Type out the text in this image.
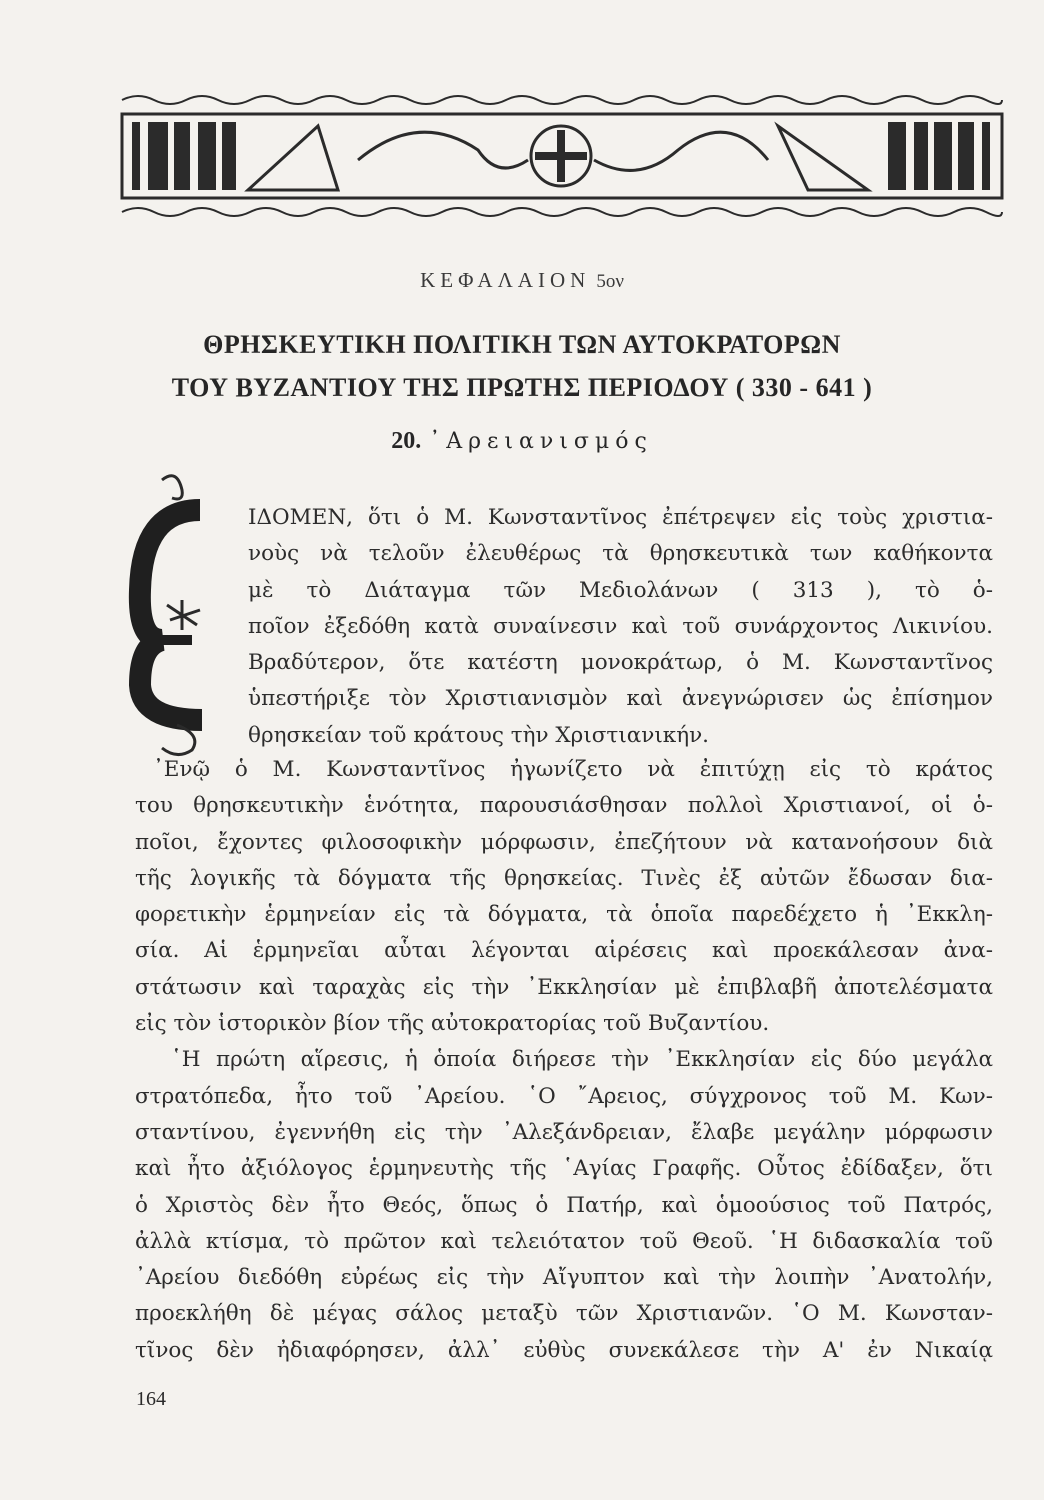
ΚΕΦΑΛΑΙΟΝ 5ον
ΘΡΗΣΚΕΥΤΙΚΗ ΠΟΛΙΤΙΚΗ ΤΩΝ ΑΥΤΟΚΡΑΤΟΡΩΝ
ΤΟΥ ΒΥΖΑΝΤΙΟΥ ΤΗΣ ΠΡΩΤΗΣ ΠΕΡΙΟΔΟΥ ( 330 - 641 )
20. ᾿Αρειανισμός
ΙΔΟΜΕΝ, ὅτι ὁ Μ. Κωνσταντῖνος ἐπέτρεψεν εἰς τοὺς χριστια-
νοὺς νὰ τελοῦν ἐλευθέρως τὰ θρησκευτικὰ των καθήκοντα
μὲ τὸ Διάταγμα τῶν Μεδιολάνων ( 313 ), τὸ ὁ-
ποῖον ἐξεδόθη κατὰ συναίνεσιν καὶ τοῦ συνάρχοντος Λικινίου.
Βραδύτερον, ὅτε κατέστη μονοκράτωρ, ὁ Μ. Κωνσταντῖνος
ὑπεστήριξε τὸν Χριστιανισμὸν καὶ ἀνεγνώρισεν ὡς ἐπίσημον
θρησκείαν τοῦ κράτους τὴν Χριστιανικήν.
᾿Ενῷ ὁ Μ. Κωνσταντῖνος ἠγωνίζετο νὰ ἐπιτύχῃ εἰς τὸ κράτος
του θρησκευτικὴν ἑνότητα, παρουσιάσθησαν πολλοὶ Χριστιανοί, οἱ ὁ-
ποῖοι, ἔχοντες φιλοσοφικὴν μόρφωσιν, ἐπεζήτουν νὰ κατανοήσουν διὰ
τῆς λογικῆς τὰ δόγματα τῆς θρησκείας. Τινὲς ἐξ αὐτῶν ἔδωσαν δια-
φορετικὴν ἑρμηνείαν εἰς τὰ δόγματα, τὰ ὁποῖα παρεδέχετο ἡ ᾿Εκκλη-
σία. Αἱ ἑρμηνεῖαι αὗται λέγονται αἱρέσεις καὶ προεκάλεσαν ἀνα-
στάτωσιν καὶ ταραχὰς εἰς τὴν ᾿Εκκλησίαν μὲ ἐπιβλαβῆ ἀποτελέσματα
εἰς τὸν ἱστορικὸν βίον τῆς αὐτοκρατορίας τοῦ Βυζαντίου.
῾Η πρώτη αἵρεσις, ἡ ὁποία διήρεσε τὴν ᾿Εκκλησίαν εἰς δύο μεγάλα
στρατόπεδα, ἦτο τοῦ ᾿Αρείου. ῾Ο ῎Αρειος, σύγχρονος τοῦ Μ. Κων-
σταντίνου, ἐγεννήθη εἰς τὴν ᾿Αλεξάνδρειαν, ἔλαβε μεγάλην μόρφωσιν
καὶ ἦτο ἀξιόλογος ἑρμηνευτὴς τῆς ῾Αγίας Γραφῆς. Οὗτος ἐδίδαξεν, ὅτι
ὁ Χριστὸς δὲν ἦτο Θεός, ὅπως ὁ Πατήρ, καὶ ὁμοούσιος τοῦ Πατρός,
ἀλλὰ κτίσμα, τὸ πρῶτον καὶ τελειότατον τοῦ Θεοῦ. ῾Η διδασκαλία τοῦ
᾿Αρείου διεδόθη εὐρέως εἰς τὴν Αἴγυπτον καὶ τὴν λοιπὴν ᾿Ανατολήν,
προεκλήθη δὲ μέγας σάλος μεταξὺ τῶν Χριστιανῶν. ῾Ο Μ. Κωνσταν-
τῖνος δὲν ἠδιαφόρησεν, ἀλλ᾿ εὐθὺς συνεκάλεσε τὴν Α' ἐν Νικαίᾳ
164
